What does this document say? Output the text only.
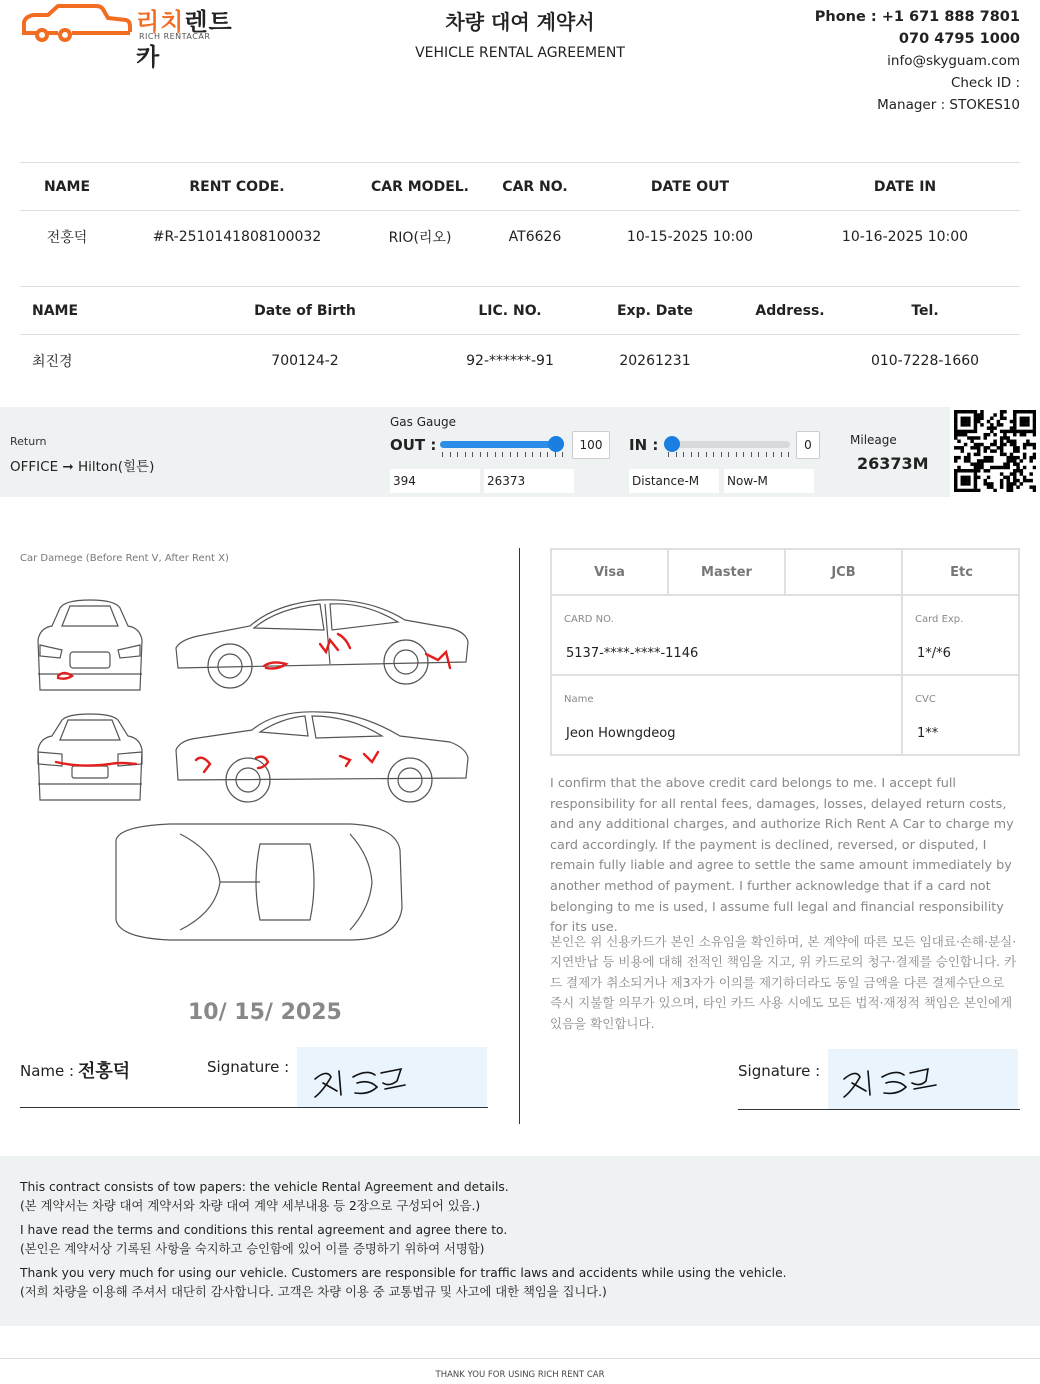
리치렌트카
RICH RENTACAR
차량 대여 계약서
VEHICLE RENTAL AGREEMENT
Phone : +1 671 888 7801
070 4795 1000
info@skyguam.com
Check ID :
Manager : STOKES10
NAME	RENT CODE.	CAR MODEL.	CAR NO.	DATE OUT	DATE IN
전홍덕	#R-2510141808100032	RIO(리오)	AT6626	10-15-2025 10:00	10-16-2025 10:00
NAME	Date of Birth	LIC. NO.	Exp. Date	Address.	Tel.
최진경	700124-2	92-******-91	20261231		010-7228-1660
Return
OFFICE ➞ Hilton(힐튼)
Gas Gauge
OUT :	100	IN :	0
394	26373	Distance-M	Now-M
Mileage
26373M
Car Damege (Before Rent V, After Rent X)
10/ 15/ 2025
Name : 전홍덕	Signature :
Visa	Master	JCB	Etc
CARD NO.
5137-****-****-1146
Card Exp.
1*/*6
Name
Jeon Howngdeog
CVC
1**
I confirm that the above credit card belongs to me. I accept full responsibility for all rental fees, damages, losses, delayed return costs, and any additional charges, and authorize Rich Rent A Car to charge my card accordingly. If the payment is declined, reversed, or disputed, I remain fully liable and agree to settle the same amount immediately by another method of payment. I further acknowledge that if a card not belonging to me is used, I assume full legal and financial responsibility for its use.
본인은 위 신용카드가 본인 소유임을 확인하며, 본 계약에 따른 모든 임대료·손해·분실·지연반납 등 비용에 대해 전적인 책임을 지고, 위 카드로의 청구·결제를 승인합니다. 카드 결제가 취소되거나 제3자가 이의를 제기하더라도 동일 금액을 다른 결제수단으로 즉시 지불할 의무가 있으며, 타인 카드 사용 시에도 모든 법적·재정적 책임은 본인에게 있음을 확인합니다.
Signature :

This contract consists of tow papers: the vehicle Rental Agreement and details.
(본 계약서는 차량 대여 계약서와 차량 대여 계약 세부내용 등 2장으로 구성되어 있음.)

I have read the terms and conditions this rental agreement and agree there to.
(본인은 계약서상 기록된 사항을 숙지하고 승인함에 있어 이를 증명하기 위하여 서명함)

Thank you very much for using our vehicle. Customers are responsible for traffic laws and accidents while using the vehicle.
(저희 차량을 이용해 주셔서 대단히 감사합니다. 고객은 차량 이용 중 교통법규 및 사고에 대한 책임을 집니다.)

THANK YOU FOR USING RICH RENT CAR
